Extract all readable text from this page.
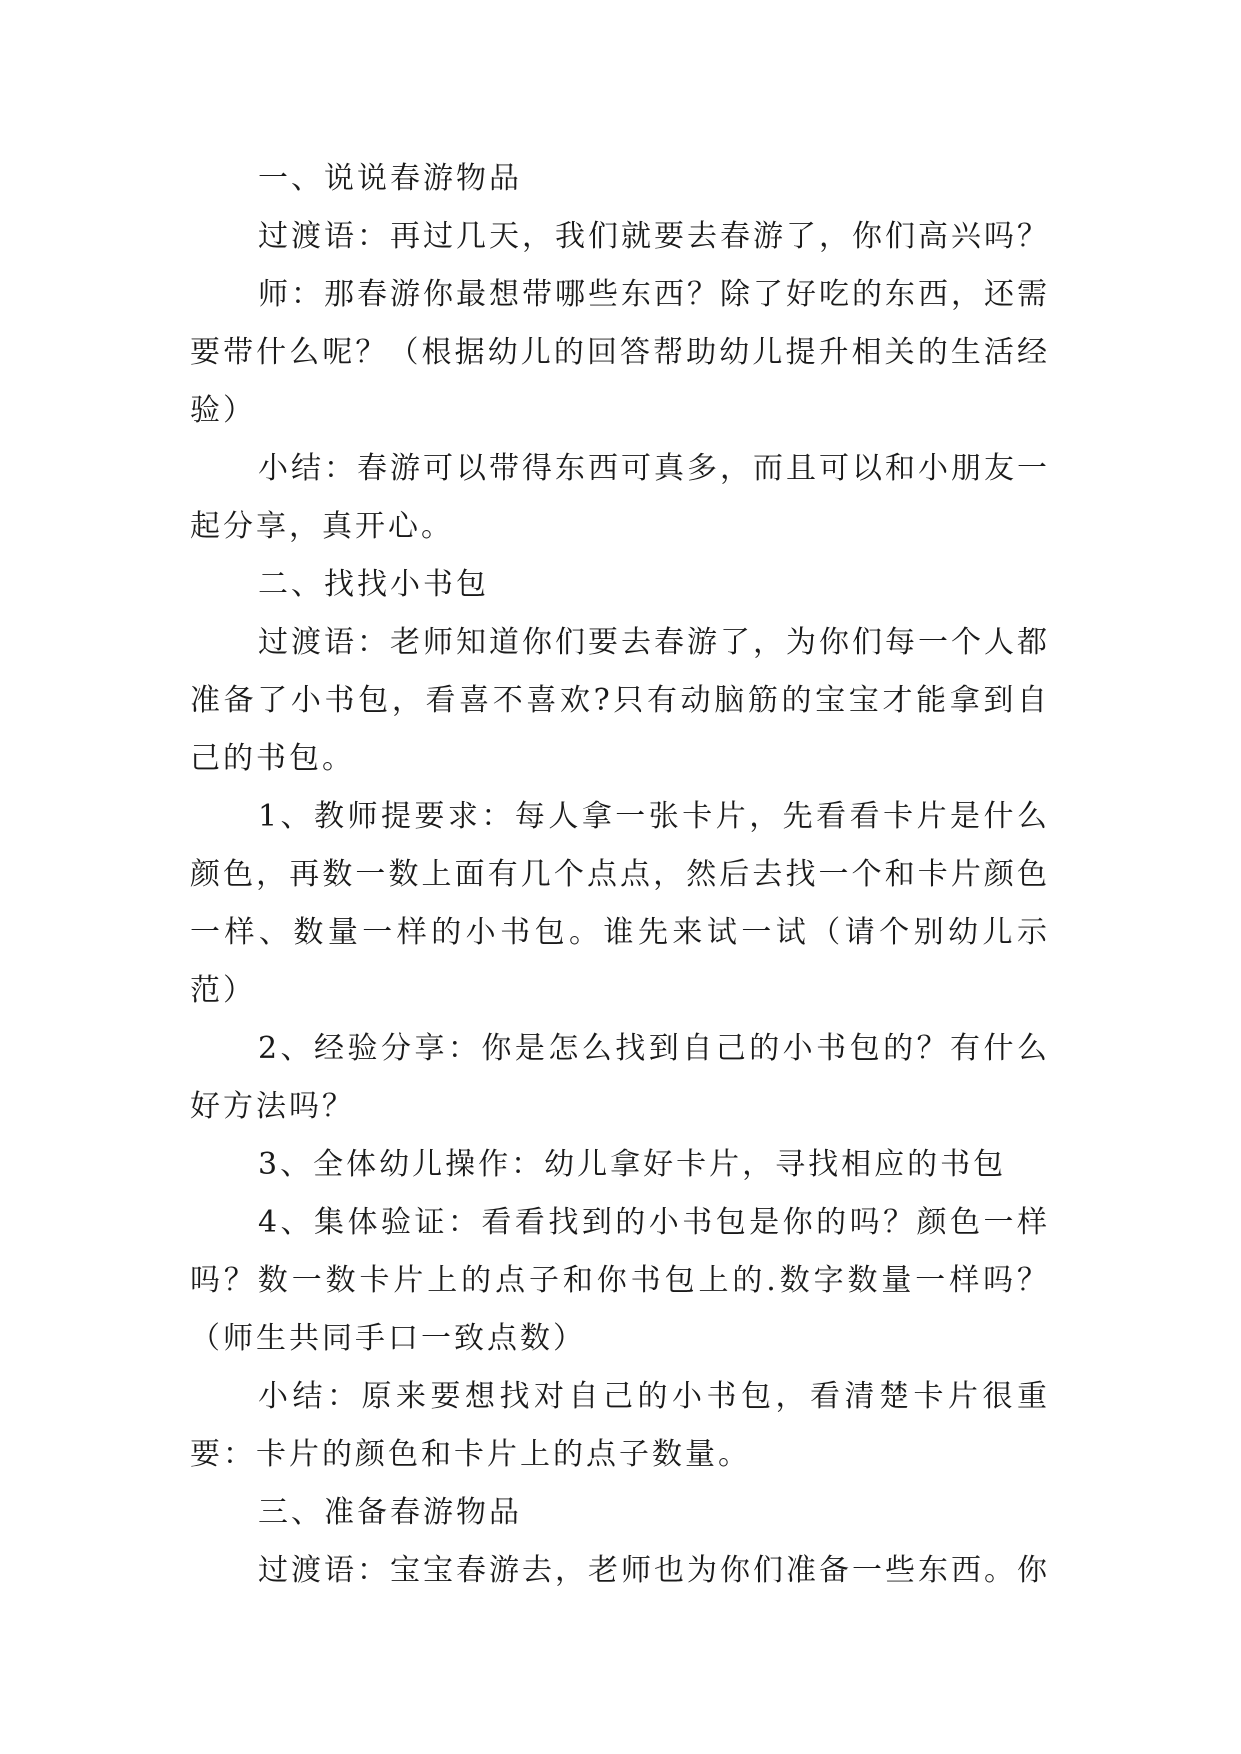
一、说说春游物品

过渡语：再过几天，我们就要去春游了，你们高兴吗？

师：那春游你最想带哪些东西？除了好吃的东西，还需要带什么呢？（根据幼儿的回答帮助幼儿提升相关的生活经验）

小结：春游可以带得东西可真多，而且可以和小朋友一起分享，真开心。

二、找找小书包

过渡语：老师知道你们要去春游了，为你们每一个人都准备了小书包，看喜不喜欢?只有动脑筋的宝宝才能拿到自己的书包。

1、教师提要求：每人拿一张卡片，先看看卡片是什么颜色，再数一数上面有几个点点，然后去找一个和卡片颜色一样、数量一样的小书包。谁先来试一试（请个别幼儿示范）

2、经验分享：你是怎么找到自己的小书包的？有什么好方法吗？

3、全体幼儿操作：幼儿拿好卡片，寻找相应的书包

4、集体验证：看看找到的小书包是你的吗？颜色一样吗？数一数卡片上的点子和你书包上的.数字数量一样吗？（师生共同手口一致点数）

小结：原来要想找对自己的小书包，看清楚卡片很重要：卡片的颜色和卡片上的点子数量。

三、准备春游物品

过渡语：宝宝春游去，老师也为你们准备一些东西。你
